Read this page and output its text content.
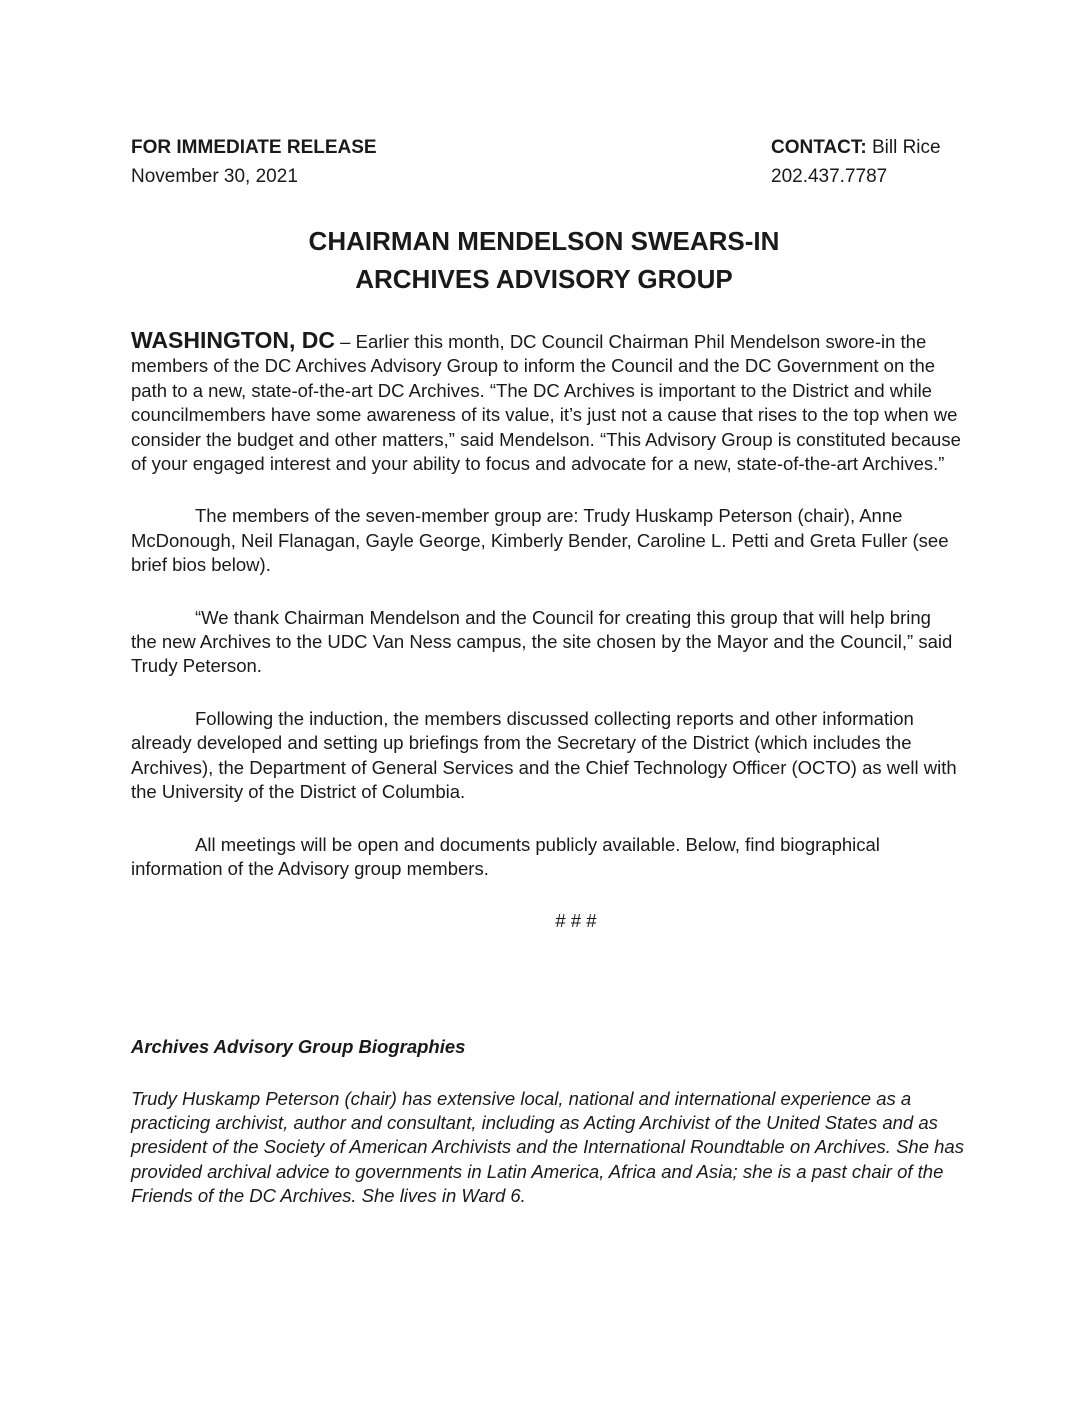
FOR IMMEDIATE RELEASE
November 30, 2021
CONTACT: Bill Rice
202.437.7787
CHAIRMAN MENDELSON SWEARS-IN
ARCHIVES ADVISORY GROUP

WASHINGTON, DC – Earlier this month, DC Council Chairman Phil Mendelson swore-in the members of the DC Archives Advisory Group to inform the Council and the DC Government on the path to a new, state-of-the-art DC Archives. “The DC Archives is important to the District and while councilmembers have some awareness of its value, it’s just not a cause that rises to the top when we consider the budget and other matters,” said Mendelson. “This Advisory Group is constituted because of your engaged interest and your ability to focus and advocate for a new, state-of-the-art Archives.”

The members of the seven-member group are: Trudy Huskamp Peterson (chair), Anne McDonough, Neil Flanagan, Gayle George, Kimberly Bender, Caroline L. Petti and Greta Fuller (see brief bios below).

“We thank Chairman Mendelson and the Council for creating this group that will help bring the new Archives to the UDC Van Ness campus, the site chosen by the Mayor and the Council,” said Trudy Peterson.

Following the induction, the members discussed collecting reports and other information already developed and setting up briefings from the Secretary of the District (which includes the Archives), the Department of General Services and the Chief Technology Officer (OCTO) as well with the University of the District of Columbia.

All meetings will be open and documents publicly available. Below, find biographical information of the Advisory group members.

# # #

Archives Advisory Group Biographies
Trudy Huskamp Peterson (chair) has extensive local, national and international experience as a practicing archivist, author and consultant, including as Acting Archivist of the United States and as president of the Society of American Archivists and the International Roundtable on Archives. She has provided archival advice to governments in Latin America, Africa and Asia; she is a past chair of the Friends of the DC Archives. She lives in Ward 6.
